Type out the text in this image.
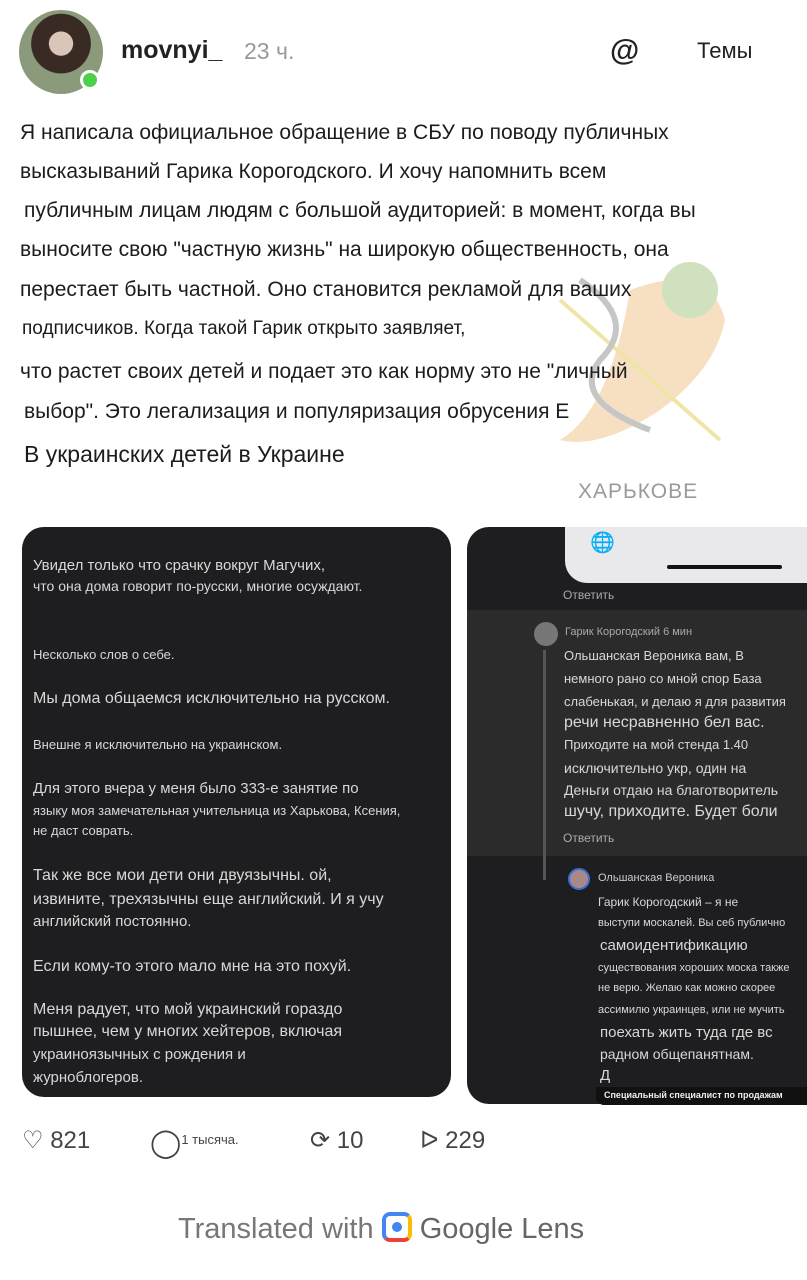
movnyi_ 23 ч.	@	Темы
ХАРЬКОВЕ
Я написала официальное обращение в СБУ по поводу публичных
высказываний Гарика Корогодского. И хочу напомнить всем
публичным лицам людям с большой аудиторией: в момент, когда вы
выносите свою "частную жизнь" на широкую общественность, она
перестает быть частной. Оно становится рекламой для ваших
подписчиков. Когда такой Гарик открыто заявляет,
что растет своих детей и подает это как норму это не "личный
выбор". Это легализация и популяризация обрусения Е
В украинских детей в Украине
Увидел только что срачку вокруг Магучих,
что она дома говорит по-русски, многие осуждают.
Несколько слов о себе.
Мы дома общаемся исключительно на русском.
Внешне я исключительно на украинском.
Для этого вчера у меня было 333-е занятие по
языку моя замечательная учительница из Харькова, Ксения,
не даст соврать.
Так же все мои дети они двуязычны. ой,
извините, трехязычны еще английский. И я учу
английский постоянно.
Если кому-то этого мало мне на это похуй.
Меня радует, что мой украинский гораздо
пышнее, чем у многих хейтеров, включая
украиноязычных с рождения и
журноблогеров.
🌐
Ответить
Гарик Корогодский 6 мин
Ольшанская Вероника вам, В
немного рано со мной спор База
слабенькая, и делаю я для развития
речи несравненно бел вас.
Приходите на мой стенда 1.40
исключительно укр, один на
Деньги отдаю на благотворитель
шучу, приходите. Будет боли
Ответить
Ольшанская Вероника
Гарик Корогодский – я не
выступи москалей. Вы себ публично
самоидентификацию
существования хороших моска также
не верю. Желаю как можно скорее
ассимилю украинцев, или не мучить
поехать жить туда где вс
радном общепанятнам.
Д
Специальный специалист по продажам
♡ 821 ◯$^{1 тысяча.}$	⟳ 10 ᐅ 229
Translated with Google Lens
